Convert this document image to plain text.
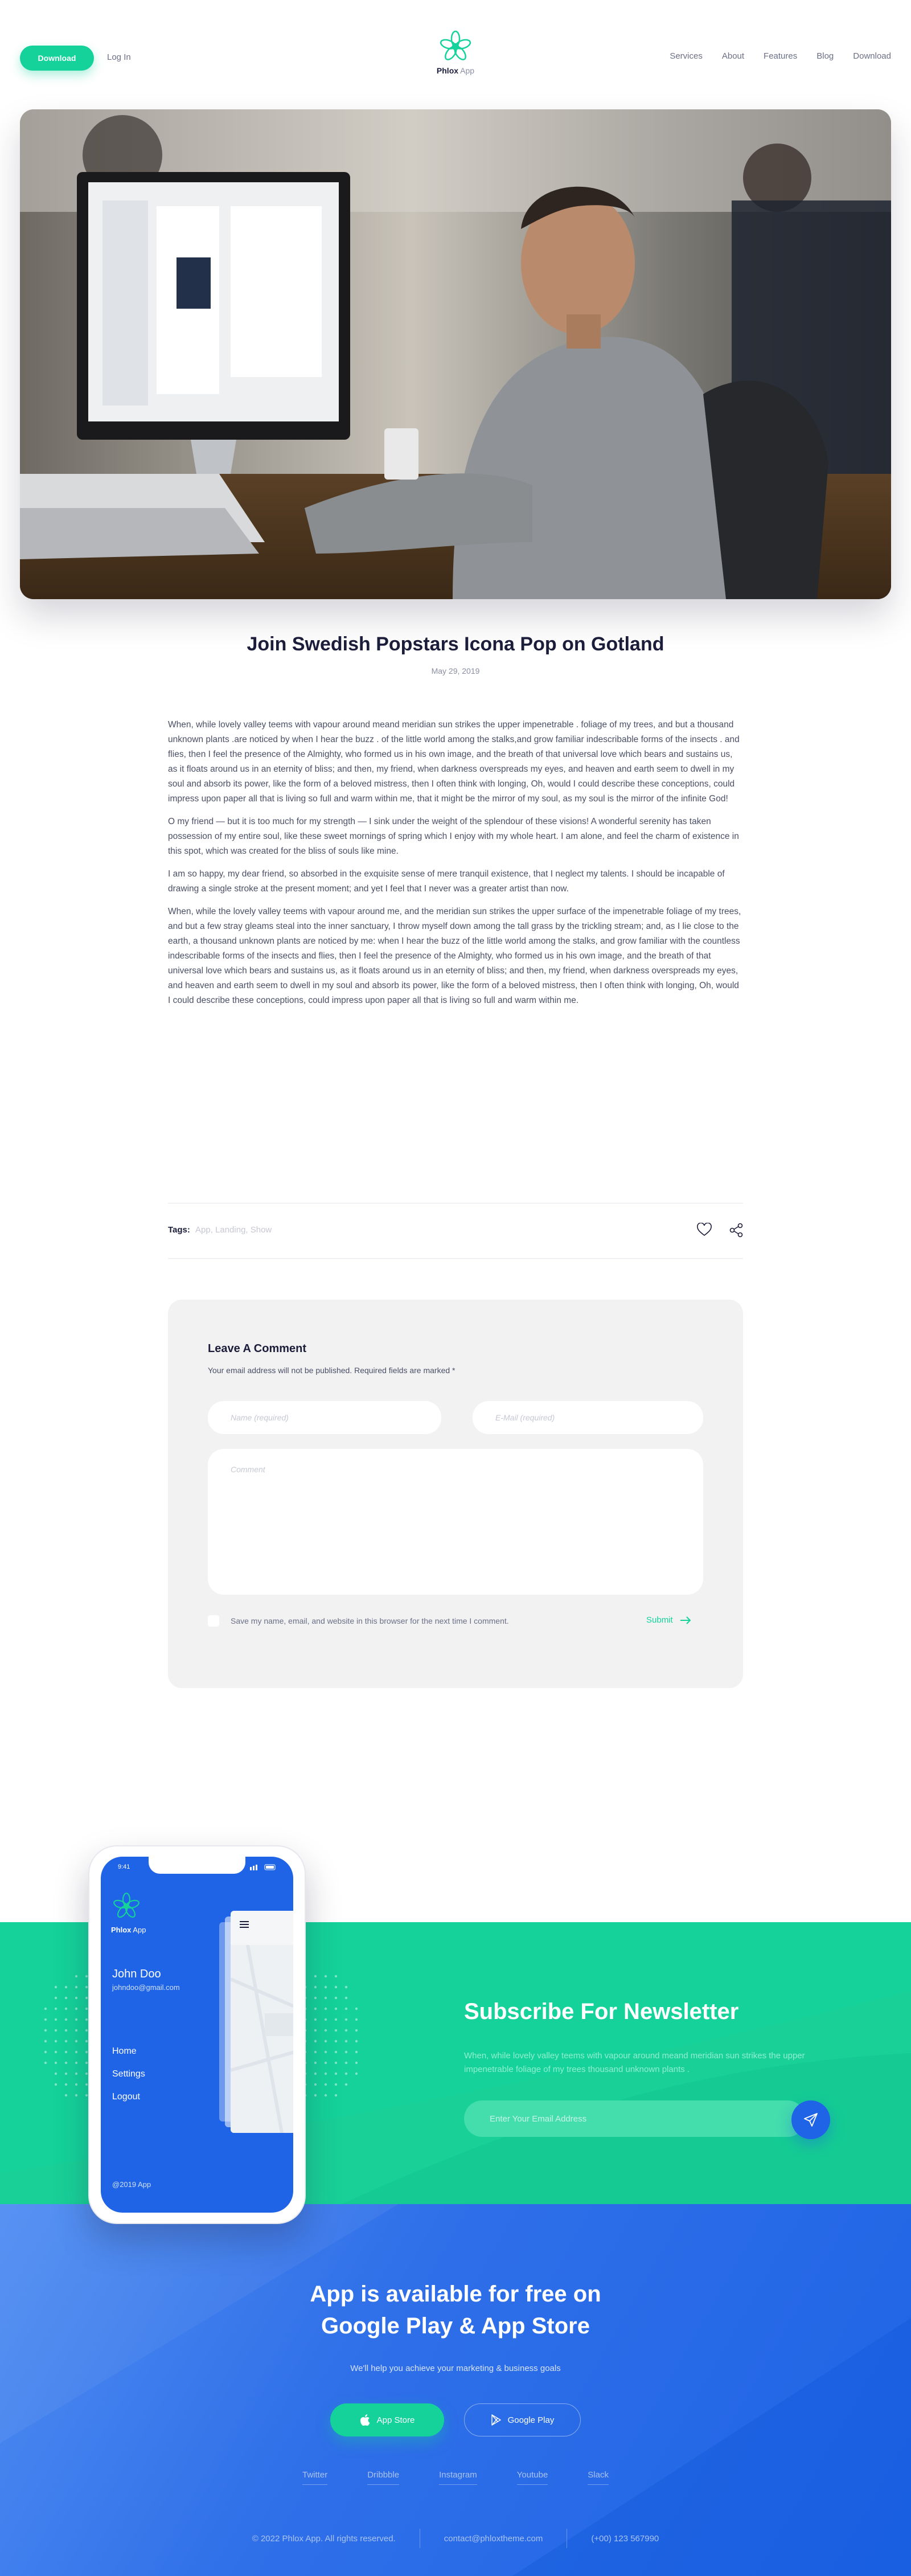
Download	Log In
Phlox App
Services About Features Blog Download
Join Swedish Popstars Icona Pop on Gotland
May 29, 2019

When, while lovely valley teems with vapour around meand meridian sun strikes the upper impenetrable . foliage of my trees, and but a thousand unknown plants .are noticed by when I hear the buzz . of the little world among the stalks,and grow familiar indescribable forms of the insects . and flies, then I feel the presence of the Almighty, who formed us in his own image, and the breath of that universal love which bears and sustains us, as it floats around us in an eternity of bliss; and then, my friend, when darkness overspreads my eyes, and heaven and earth seem to dwell in my soul and absorb its power, like the form of a beloved mistress, then I often think with longing, Oh, would I could describe these conceptions, could impress upon paper all that is living so full and warm within me, that it might be the mirror of my soul, as my soul is the mirror of the infinite God!

O my friend — but it is too much for my strength — I sink under the weight of the splendour of these visions! A wonderful serenity has taken possession of my entire soul, like these sweet mornings of spring which I enjoy with my whole heart. I am alone, and feel the charm of existence in this spot, which was created for the bliss of souls like mine.

I am so happy, my dear friend, so absorbed in the exquisite sense of mere tranquil existence, that I neglect my talents. I should be incapable of drawing a single stroke at the present moment; and yet I feel that I never was a greater artist than now.

When, while the lovely valley teems with vapour around me, and the meridian sun strikes the upper surface of the impenetrable foliage of my trees, and but a few stray gleams steal into the inner sanctuary, I throw myself down among the tall grass by the trickling stream; and, as I lie close to the earth, a thousand unknown plants are noticed by me: when I hear the buzz of the little world among the stalks, and grow familiar with the countless indescribable forms of the insects and flies, then I feel the presence of the Almighty, who formed us in his own image, and the breath of that universal love which bears and sustains us, as it floats around us in an eternity of bliss; and then, my friend, when darkness overspreads my eyes, and heaven and earth seem to dwell in my soul and absorb its power, like the form of a beloved mistress, then I often think with longing, Oh, would I could describe these conceptions, could impress upon paper all that is living so full and warm within me.

Tags: App, Landing, Show
Leave A Comment
Your email address will not be published. Required fields are marked *
Name (required)	E-Mail (required)
Comment
Save my name, email, and website in this browser for the next time I comment.	Submit
Subscribe For Newsletter
When, while lovely valley teems with vapour around meand meridian sun strikes the upper impenetrable foliage of my trees thousand unknown plants .
Enter Your Email Address
9:41
Phlox App
John Doo
johndoo@gmail.com
Home
Settings
Logout
@2019 App
App is available for free on
Google Play & App Store
We'll help you achieve your marketing & business goals
App Store	Google Play
Twitter	Dribbble	Instagram	Youtube	Slack
© 2022 Phlox App. All rights reserved.	contact@phloxtheme.com	(+00) 123 567990
